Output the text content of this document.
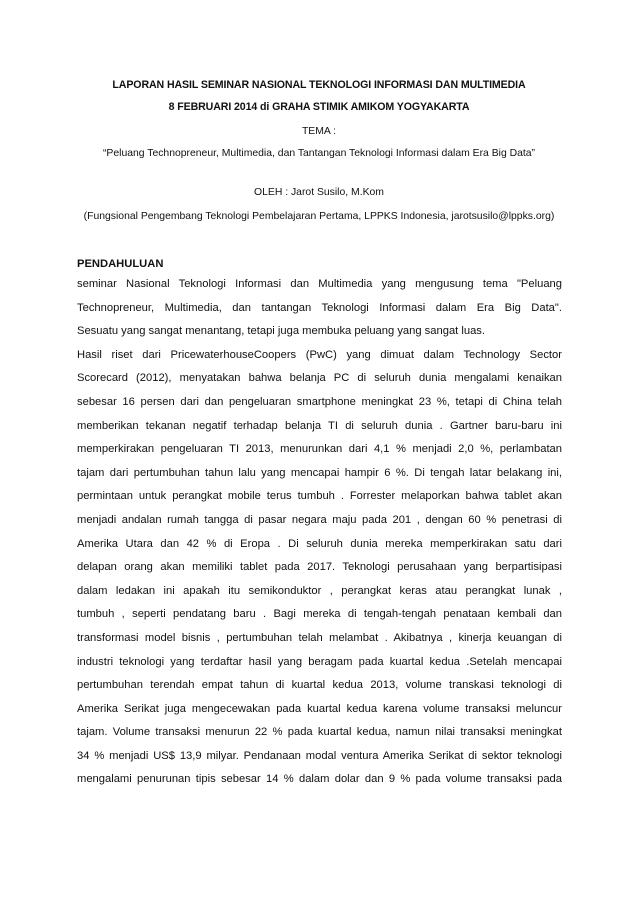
LAPORAN HASIL SEMINAR NASIONAL TEKNOLOGI INFORMASI DAN MULTIMEDIA
8 FEBRUARI 2014 di GRAHA STIMIK AMIKOM YOGYAKARTA
TEMA :
“Peluang Technopreneur, Multimedia, dan Tantangan Teknologi Informasi dalam Era Big Data”
OLEH : Jarot Susilo, M.Kom
(Fungsional Pengembang Teknologi Pembelajaran Pertama, LPPKS Indonesia, jarotsusilo@lppks.org)
PENDAHULUAN
seminar Nasional Teknologi Informasi dan Multimedia yang mengusung tema "Peluang
Technopreneur, Multimedia, dan tantangan Teknologi Informasi dalam Era Big Data".
Sesuatu yang sangat menantang, tetapi juga membuka peluang yang sangat luas.
Hasil riset dari PricewaterhouseCoopers (PwC) yang dimuat dalam Technology Sector
Scorecard (2012), menyatakan bahwa belanja PC di seluruh dunia mengalami kenaikan
sebesar 16 persen dari dan pengeluaran smartphone meningkat 23 %, tetapi di China telah
memberikan tekanan negatif terhadap belanja TI di seluruh dunia . Gartner baru-baru ini
memperkirakan pengeluaran TI 2013, menurunkan dari 4,1 % menjadi 2,0 %, perlambatan
tajam dari pertumbuhan tahun lalu yang mencapai hampir 6 %. Di tengah latar belakang ini,
permintaan untuk perangkat mobile terus tumbuh . Forrester melaporkan bahwa tablet akan
menjadi andalan rumah tangga di pasar negara maju pada 201 , dengan 60 % penetrasi di
Amerika Utara dan 42 % di Eropa . Di seluruh dunia mereka memperkirakan satu dari
delapan orang akan memiliki tablet pada 2017. Teknologi perusahaan yang berpartisipasi
dalam ledakan ini apakah itu semikonduktor , perangkat keras atau perangkat lunak ,
tumbuh , seperti pendatang baru . Bagi mereka di tengah-tengah penataan kembali dan
transformasi model bisnis , pertumbuhan telah melambat . Akibatnya , kinerja keuangan di
industri teknologi yang terdaftar hasil yang beragam pada kuartal kedua .Setelah mencapai
pertumbuhan terendah empat tahun di kuartal kedua 2013, volume transkasi teknologi di
Amerika Serikat juga mengecewakan pada kuartal kedua karena volume transaksi meluncur
tajam. Volume transaksi menurun 22 % pada kuartal kedua, namun nilai transaksi meningkat
34 % menjadi US$ 13,9 milyar. Pendanaan modal ventura Amerika Serikat di sektor teknologi
mengalami penurunan tipis sebesar 14 % dalam dolar dan 9 % pada volume transaksi pada
